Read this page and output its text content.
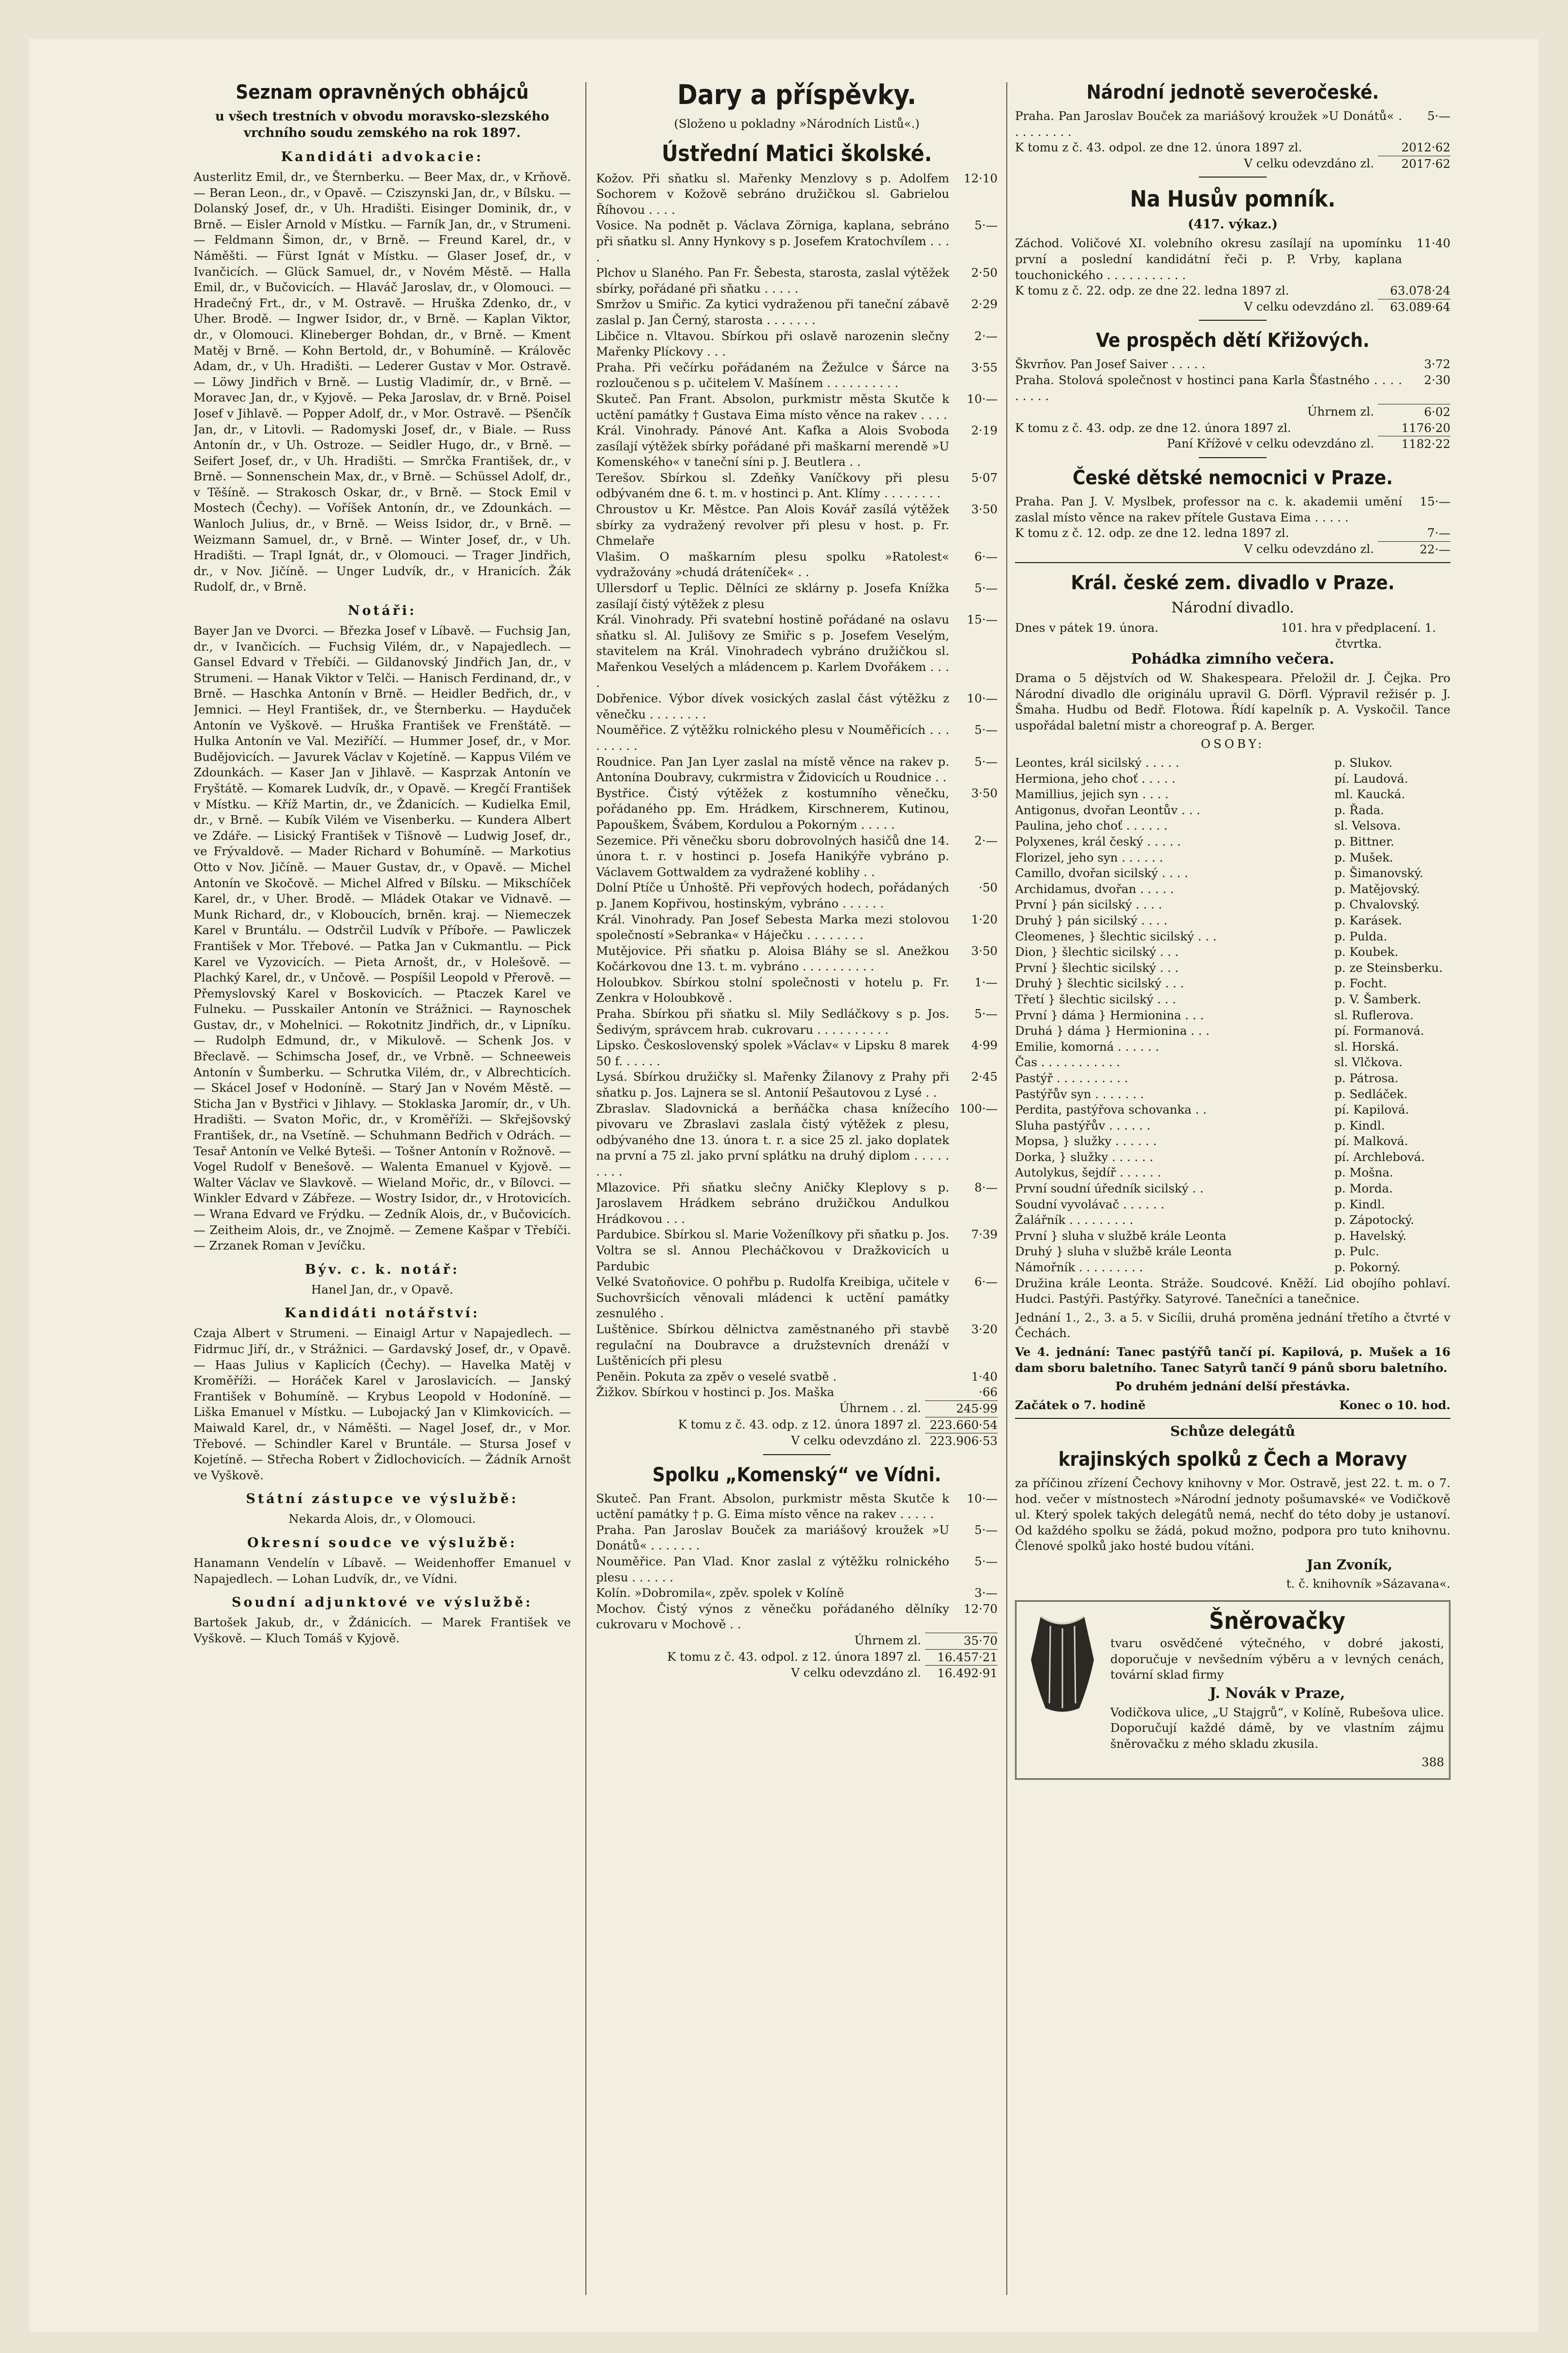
Seznam opravněných obhájců

u všech trestních v obvodu moravsko-slezského vrchního soudu zemského na rok 1897.

Kandidáti advokacie:

Austerlitz Emil, dr., ve Šternberku. — Beer Max, dr., v Krňově. — Beran Leon., dr., v Opavě. — Cziszynski Jan, dr., v Bílsku. — Dolanský Josef, dr., v Uh. Hradišti. Eisinger Dominik, dr., v Brně. — Eisler Arnold v Místku. — Farník Jan, dr., v Strumeni. — Feldmann Šimon, dr., v Brně. — Freund Karel, dr., v Náměšti. — Fürst Ignát v Místku. — Glaser Josef, dr., v Ivančicích. — Glück Samuel, dr., v Novém Městě. — Halla Emil, dr., v Bučovicích. — Hlaváč Jaroslav, dr., v Olomouci. — Hradečný Frt., dr., v M. Ostravě. — Hruška Zdenko, dr., v Uher. Brodě. — Ingwer Isidor, dr., v Brně. — Kaplan Viktor, dr., v Olomouci. Klineberger Bohdan, dr., v Brně. — Kment Matěj v Brně. — Kohn Bertold, dr., v Bohumíně. — Králověc Adam, dr., v Uh. Hradišti. — Lederer Gustav v Mor. Ostravě. — Löwy Jindřich v Brně. — Lustig Vladimír, dr., v Brně. — Moravec Jan, dr., v Kyjově. — Peka Jaroslav, dr. v Brně. Poisel Josef v Jihlavě. — Popper Adolf, dr., v Mor. Ostravě. — Pšenčík Jan, dr., v Litovli. — Radomyski Josef, dr., v Biale. — Russ Antonín dr., v Uh. Ostroze. — Seidler Hugo, dr., v Brně. — Seifert Josef, dr., v Uh. Hradišti. — Smrčka František, dr., v Brně. — Sonnenschein Max, dr., v Brně. — Schüssel Adolf, dr., v Těšíně. — Strakosch Oskar, dr., v Brně. — Stock Emil v Mostech (Čechy). — Voříšek Antonín, dr., ve Zdounkách. — Wanloch Julius, dr., v Brně. — Weiss Isidor, dr., v Brně. — Weizmann Samuel, dr., v Brně. — Winter Josef, dr., v Uh. Hradišti. — Trapl Ignát, dr., v Olomouci. — Trager Jindřich, dr., v Nov. Jičíně. — Unger Ludvík, dr., v Hranicích. Žák Rudolf, dr., v Brně.

Notáři:

Bayer Jan ve Dvorci. — Březka Josef v Líbavě. — Fuchsig Jan, dr., v Ivančicích. — Fuchsig Vilém, dr., v Napajedlech. — Gansel Edvard v Třebíči. — Gildanovský Jindřich Jan, dr., v Strumeni. — Hanak Viktor v Telči. — Hanisch Ferdinand, dr., v Brně. — Haschka Antonín v Brně. — Heidler Bedřich, dr., v Jemnici. — Heyl František, dr., ve Šternberku. — Hayduček Antonín ve Vyškově. — Hruška František ve Frenštátě. — Hulka Antonín ve Val. Meziříčí. — Hummer Josef, dr., v Mor. Budějovicích. — Javurek Václav v Kojetíně. — Kappus Vilém ve Zdounkách. — Kaser Jan v Jihlavě. — Kasprzak Antonín ve Fryštátě. — Komarek Ludvík, dr., v Opavě. — Kregčí František v Místku. — Kříž Martin, dr., ve Ždanicích. — Kudielka Emil, dr., v Brně. — Kubík Vilém ve Visenberku. — Kundera Albert ve Zdáře. — Lisický František v Tišnově — Ludwig Josef, dr., ve Frývaldově. — Mader Richard v Bohumíně. — Markotius Otto v Nov. Jičíně. — Mauer Gustav, dr., v Opavě. — Michel Antonín ve Skočově. — Michel Alfred v Bílsku. — Mikschíček Karel, dr., v Uher. Brodě. — Mládek Otakar ve Vidnavě. — Munk Richard, dr., v Kloboucích, brněn. kraj. — Niemeczek Karel v Bruntálu. — Odstrčil Ludvík v Příboře. — Pawliczek František v Mor. Třebové. — Patka Jan v Cukmantlu. — Pick Karel ve Vyzovicích. — Pieta Arnošt, dr., v Holešově. — Plachký Karel, dr., v Unčově. — Pospíšil Leopold v Přerově. — Přemyslovský Karel v Boskovicích. — Ptaczek Karel ve Fulneku. — Pusskailer Antonín ve Strážnici. — Raynoschek Gustav, dr., v Mohelnici. — Rokotnitz Jindřich, dr., v Lipníku. — Rudolph Edmund, dr., v Mikulově. — Schenk Jos. v Břeclavě. — Schimscha Josef, dr., ve Vrbně. — Schneeweis Antonín v Šumberku. — Schrutka Vilém, dr., v Albrechticích. — Skácel Josef v Hodoníně. — Starý Jan v Novém Městě. — Sticha Jan v Bystřici v Jihlavy. — Stoklaska Jaromír, dr., v Uh. Hradišti. — Svaton Mořic, dr., v Kroměříži. — Skřejšovský František, dr., na Vsetíně. — Schuhmann Bedřich v Odrách. — Tesař Antonín ve Velké Byteši. — Tošner Antonín v Rožnově. — Vogel Rudolf v Benešově. — Walenta Emanuel v Kyjově. — Walter Václav ve Slavkově. — Wieland Mořic, dr., v Bílovci. — Winkler Edvard v Zábřeze. — Wostry Isidor, dr., v Hrotovicích. — Wrana Edvard ve Frýdku. — Zedník Alois, dr., v Bučovicích. — Zeitheim Alois, dr., ve Znojmě. — Zemene Kašpar v Třebíči. — Zrzanek Roman v Jevíčku.

Býv. c. k. notář:

Hanel Jan, dr., v Opavě.

Kandidáti notářství:

Czaja Albert v Strumeni. — Einaigl Artur v Napajedlech. — Fidrmuc Jiří, dr., v Strážnici. — Gardavský Josef, dr., v Opavě. — Haas Julius v Kaplicích (Čechy). — Havelka Matěj v Kroměříži. — Horáček Karel v Jaroslavicích. — Janský František v Bohumíně. — Krybus Leopold v Hodoníně. — Liška Emanuel v Místku. — Lubojacký Jan v Klimkovicích. — Maiwald Karel, dr., v Náměšti. — Nagel Josef, dr., v Mor. Třebové. — Schindler Karel v Bruntále. — Stursa Josef v Kojetíně. — Střecha Robert v Židlochovicích. — Žádník Arnošt ve Vyškově.

Státní zástupce ve výslužbě:

Nekarda Alois, dr., v Olomouci.

Okresní soudce ve výslužbě:

Hanamann Vendelín v Líbavě. — Weidenhoffer Emanuel v Napajedlech. — Lohan Ludvík, dr., ve Vídni.

Soudní adjunktové ve výslužbě:

Bartošek Jakub, dr., v Ždánicích. — Marek František ve Vyškově. — Kluch Tomáš v Kyjově.

Dary a příspěvky.

(Složeno u pokladny »Národních Listů«.)

Ústřední Matici školské.
Kožov. Při sňatku sl. Mařenky Menzlovy s p. Adolfem Sochorem v Kožově sebráno družičkou sl. Gabrielou Říhovou . . . .
12·10
Vosice. Na podnět p. Václava Zörniga, kaplana, sebráno při sňatku sl. Anny Hynkovy s p. Josefem Kratochvílem . . . .
5·—
Plchov u Slaného. Pan Fr. Šebesta, starosta, zaslal výtěžek sbírky, pořádané při sňatku . . . . .
2·50
Smržov u Smiřic. Za kytici vydraženou při taneční zábavě zaslal p. Jan Černý, starosta . . . . . . .
2·29
Libčice n. Vltavou. Sbírkou při oslavě narozenin slečny Mařenky Plíckovy . . .
2·—
Praha. Při večírku pořádaném na Žežulce v Šárce na rozloučenou s p. učitelem V. Mašínem . . . . . . . . . .
3·55
Skuteč. Pan Frant. Absolon, purkmistr města Skutče k uctění památky † Gustava Eima místo věnce na rakev . . . .
10·—
Král. Vinohrady. Pánové Ant. Kafka a Alois Svoboda zasílají výtěžek sbírky pořádané při maškarní merendě »U Komenského« v taneční síni p. J. Beutlera . .
2·19
Terešov. Sbírkou sl. Zdeňky Vaníčkovy při plesu odbývaném dne 6. t. m. v hostinci p. Ant. Klímy . . . . . . . .
5·07
Chroustov u Kr. Městce. Pan Alois Kovář zasílá výtěžek sbírky za vydražený revolver při plesu v host. p. Fr. Chmelaře
3·50
Vlašim. O maškarním plesu spolku »Ratolest« vydražovány »chudá dráteníček« . .
6·—
Ullersdorf u Teplic. Dělníci ze sklárny p. Josefa Knížka zasílají čistý výtěžek z plesu
5·—
Král. Vinohrady. Při svatební hostině pořádané na oslavu sňatku sl. Al. Julišovy ze Smiřic s p. Josefem Veselým, stavitelem na Král. Vinohradech vybráno družičkou sl. Mařenkou Veselých a mládencem p. Karlem Dvořákem . . . .
15·—
Dobřenice. Výbor dívek vosických zaslal část výtěžku z věnečku . . . . . . . .
10·—
Nouměřice. Z výtěžku rolnického plesu v Nouměřicích . . . . . . . . .
5·—
Roudnice. Pan Jan Lyer zaslal na místě věnce na rakev p. Antonína Doubravy, cukrmistra v Židovicích u Roudnice . .
5·—
Bystřice. Čistý výtěžek z kostumního věnečku, pořádaného pp. Em. Hrádkem, Kirschnerem, Kutinou, Papouškem, Švábem, Kordulou a Pokorným . . . . .
3·50
Sezemice. Při věnečku sboru dobrovolných hasičů dne 14. února t. r. v hostinci p. Josefa Hanikýře vybráno p. Václavem Gottwaldem za vydražené koblihy . .
2·—
Dolní Ptíče u Únhoště. Při vepřových hodech, pořádaných p. Janem Kopřivou, hostinským, vybráno . . . . . .
·50
Král. Vinohrady. Pan Josef Sebesta Marka mezi stolovou společností »Sebranka« v Háječku . . . . . . . .
1·20
Mutějovice. Při sňatku p. Aloisa Bláhy se sl. Anežkou Kočárkovou dne 13. t. m. vybráno . . . . . . . . . .
3·50
Holoubkov. Sbírkou stolní společnosti v hotelu p. Fr. Zenkra v Holoubkově .
1·—
Praha. Sbírkou při sňatku sl. Mily Sedláčkovy s p. Jos. Šedivým, správcem hrab. cukrovaru . . . . . . . . . .
5·—
Lipsko. Československý spolek »Václav« v Lipsku 8 marek 50 f. . . . . .
4·99
Lysá. Sbírkou družičky sl. Mařenky Žilanovy z Prahy při sňatku p. Jos. Lajnera se sl. Antonií Pešautovou z Lysé . .
2·45
Zbraslav. Sladovnická a berňáčka chasa knížecího pivovaru ve Zbraslavi zaslala čistý výtěžek z plesu, odbývaného dne 13. února t. r. a sice 25 zl. jako doplatek na první a 75 zl. jako první splátku na druhý diplom . . . . . . . . .
100·—
Mlazovice. Při sňatku slečny Aničky Kleplovy s p. Jaroslavem Hrádkem sebráno družičkou Andulkou Hrádkovou . . .
8·—
Pardubice. Sbírkou sl. Marie Voženílkovy při sňatku p. Jos. Voltra se sl. Annou Plecháčkovou v Dražkovicích u Pardubic
7·39
Velké Svatoňovice. O pohřbu p. Rudolfa Kreibiga, učitele v Suchovršicích věnovali mládenci k uctění památky zesnulého .
6·—
Luštěnice. Sbírkou dělnictva zaměstnaného při stavbě regulační na Doubravce a družstevních drenáží v Luštěnicích při plesu
3·20
Peněin. Pokuta za zpěv o veselé svatbě .	1·40
Žižkov. Sbírkou v hostinci p. Jos. Maška	·66
Úhrnem . . zl.	245·99
K tomu z č. 43. odp. z 12. února 1897 zl. 223.660·54
V celku odevzdáno zl. 223.906·53
Spolku „Komenský“ ve Vídni.
Skuteč. Pan Frant. Absolon, purkmistr města Skutče k uctění památky † p. G. Eima místo věnce na rakev . . . . .
10·—
Praha. Pan Jaroslav Bouček za mariášový kroužek »U Donátů« . . . . . . .
5·—
Nouměřice. Pan Vlad. Knor zaslal z výtěžku rolnického plesu . . . . . .
5·—
Kolín. »Dobromila«, zpěv. spolek v Kolíně	3·—
Mochov. Čistý výnos z věnečku pořádaného dělníky cukrovaru v Mochově . .
12·70
Úhrnem zl.	35·70
K tomu z č. 43. odpol. z 12. února 1897 zl.	16.457·21
V celku odevzdáno zl.	16.492·91
Národní jednotě severočeské.
Praha. Pan Jaroslav Bouček za mariášový kroužek »U Donátů« . . . . . . . . .
5·—
K tomu z č. 43. odpol. ze dne 12. února 1897 zl.	2012·62
V celku odevzdáno zl.	2017·62
Na Husův pomník.

(417. výkaz.)

Záchod. Voličové XI. volebního okresu zasílají na upomínku první a poslední kandidátní řeči p. P. Vrby, kaplana touchonického . . . . . . . . . . .
11·40
K tomu z č. 22. odp. ze dne 22. ledna 1897 zl.	63.078·24
V celku odevzdáno zl.	63.089·64
Ve prospěch dětí Křižových.
Škvrňov. Pan Josef Saiver . . . . .	3·72
Praha. Stolová společnost v hostinci pana Karla Šťastného . . . . . . . . .
2·30
Úhrnem zl.	6·02
K tomu z č. 43. odp. ze dne 12. února 1897 zl.	1176·20
Paní Křížové v celku odevzdáno zl.	1182·22
České dětské nemocnici v Praze.
Praha. Pan J. V. Myslbek, professor na c. k. akademii umění zaslal místo věnce na rakev přítele Gustava Eima . . . . .
15·—
K tomu z č. 12. odp. ze dne 12. ledna 1897 zl.	7·—
V celku odevzdáno zl.	22·—
Král. české zem. divadlo v Praze.

Národní divadlo.

Dnes v pátek 19. února.	101. hra v předplacení. 1. čtvrtka.

Pohádka zimního večera.

Drama o 5 dějstvích od W. Shakespeara. Přeložil dr. J. Čejka. Pro Národní divadlo dle originálu upravil G. Dörfl. Výpravil režisér p. J. Šmaha. Hudbu od Bedř. Flotowa. Řídí kapelník p. A. Vyskočil. Tance uspořádal baletní mistr a choreograf p. A. Berger.

OSOBY:

Leontes, král sicilský . . . . .	p. Slukov.
Hermiona, jeho choť . . . . .	pí. Laudová.
Mamillius, jejich syn . . . .	ml. Kaucká.
Antigonus, dvořan Leontův . . .	p. Řada.
Paulina, jeho choť . . . . . .	sl. Velsova.
Polyxenes, král český . . . . .	p. Bittner.
Florizel, jeho syn . . . . . .	p. Mušek.
Camillo, dvořan sicilský . . . .	p. Šimanovský.
Archidamus, dvořan . . . . .	p. Matějovský.
První } pán sicilský . . . .	p. Chvalovský.
Druhý } pán sicilský . . . .	p. Karásek.
Cleomenes, } šlechtic sicilský . . .	p. Pulda.
Dion, } šlechtic sicilský . . .	p. Koubek.
První } šlechtic sicilský . . .	p. ze Steinsberku.
Druhý } šlechtic sicilský . . .	p. Focht.
Třetí } šlechtic sicilský . . .	p. V. Šamberk.
První } dáma } Hermionina . . .	sl. Ruflerova.
Druhá } dáma } Hermionina . . .	pí. Formanová.
Emilie, komorná . . . . . .	sl. Horská.
Čas . . . . . . . . . . .	sl. Vlčkova.
Pastýř . . . . . . . . . .	p. Pátrosa.
Pastýřův syn . . . . . . .	p. Sedláček.
Perdita, pastýřova schovanka . .	pí. Kapilová.
Sluha pastýřův . . . . . .	p. Kindl.
Mopsa, } služky . . . . . .	pí. Malková.
Dorka, } služky . . . . . .	pí. Archlebová.
Autolykus, šejdíř . . . . . .	p. Mošna.
První soudní úředník sicilský . .	p. Morda.
Soudní vyvolávač . . . . . .	p. Kindl.
Žalářník . . . . . . . . .	p. Zápotocký.
První } sluha v službě krále Leonta	p. Havelský.
Druhý } sluha v službě krále Leonta	p. Pulc.
Námořník . . . . . . . . .	p. Pokorný.

Družina krále Leonta. Stráže. Soudcové. Kněží. Lid obojího pohlaví. Hudci. Pastýři. Pastýřky. Satyrové. Tanečníci a tanečnice.

Jednání 1., 2., 3. a 5. v Sicílii, druhá proměna jednání třetího a čtvrté v Čechách.

Ve 4. jednání: Tanec pastýřů tančí pí. Kapilová, p. Mušek a 16 dam sboru baletního. Tanec Satyrů tančí 9 pánů sboru baletního.

Po druhém jednání delší přestávka.

Začátek o 7. hodině	Konec o 10. hod.

Schůze delegátů

krajinských spolků z Čech a Moravy

za příčinou zřízení Čechovy knihovny v Mor. Ostravě, jest 22. t. m. o 7. hod. večer v místnostech »Národní jednoty pošumavské« ve Vodičkově ul. Který spolek takých delegátů nemá, nechť do této doby je ustanoví. Od každého spolku se žádá, pokud možno, podpora pro tuto knihovnu. Členové spolků jako hosté budou vítáni.

Jan Zvoník,

t. č. knihovník »Sázavana«.

Šněrovačky

tvaru osvědčené výtečného, v dobré jakosti, doporučuje v nevšedním výběru a v levných cenách, tovární sklad firmy

J. Novák v Praze,

Vodičkova ulice, „U Stajgrů“, v Kolíně, Rubešova ulice. Doporučují každé dámě, by ve vlastním zájmu šněrovačku z mého skladu zkusila.

388
